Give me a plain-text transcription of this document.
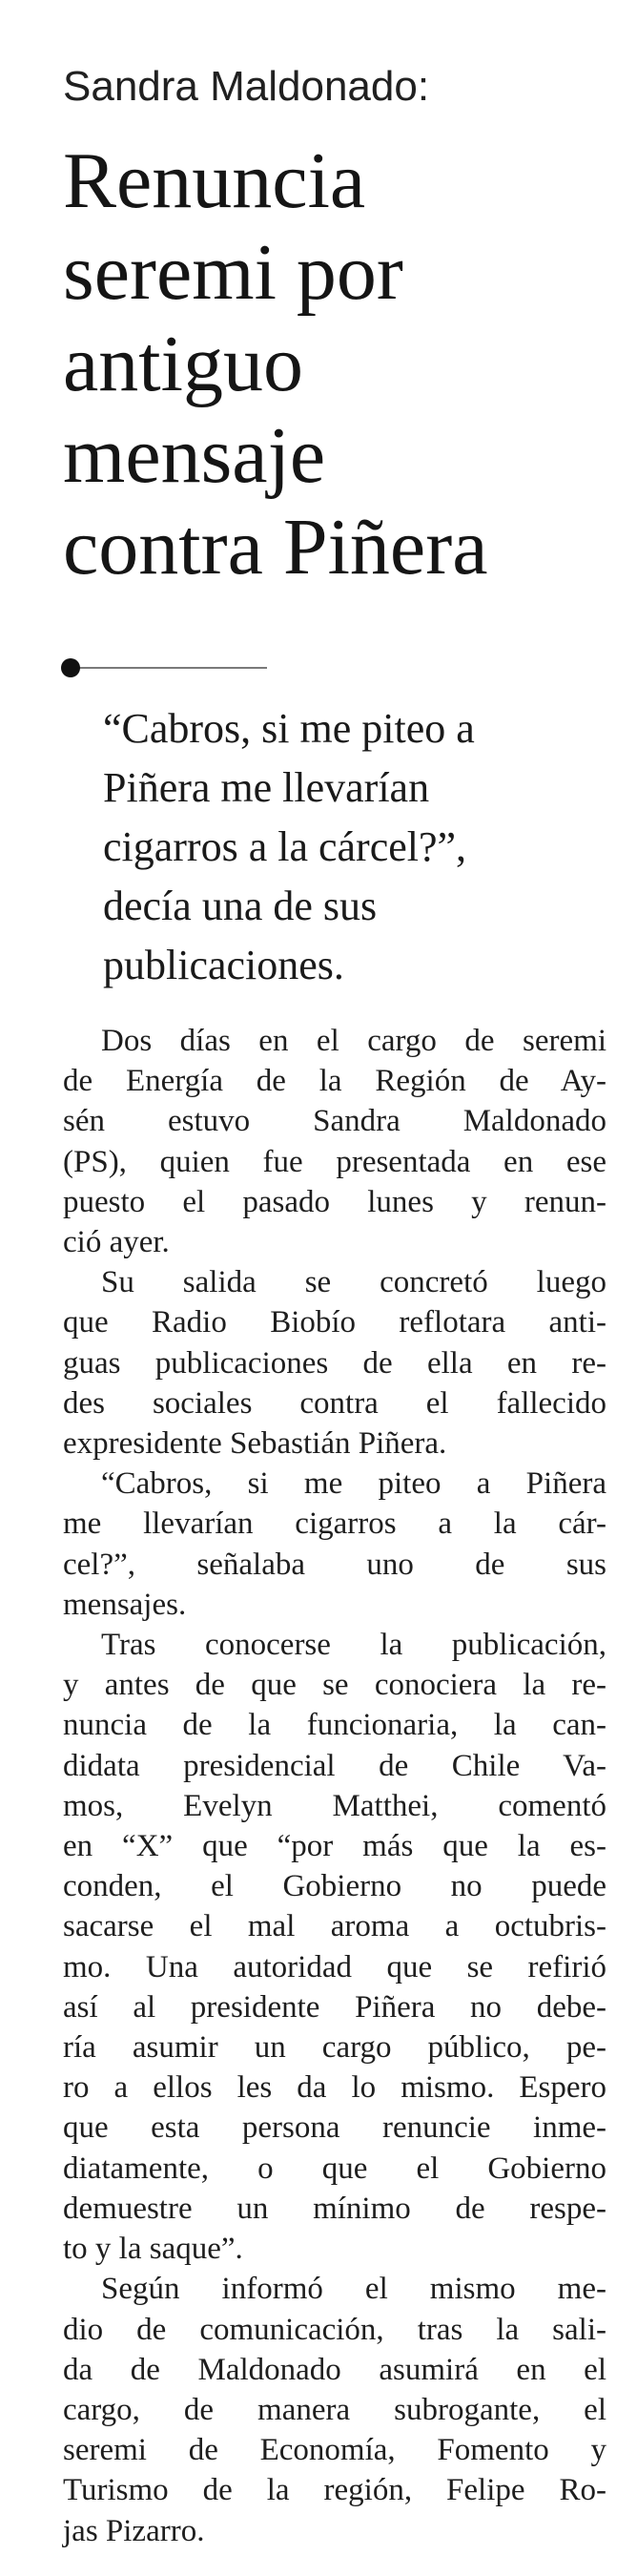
Sandra Maldonado:
Renuncia
seremi por
antiguo
mensaje
contra Piñera
“Cabros, si me piteo a
Piñera me llevarían
cigarros a la cárcel?”,
decía una de sus
publicaciones.
Dos días en el cargo de seremi
de Energía de la Región de Ay-
sén estuvo Sandra Maldonado
(PS), quien fue presentada en ese
puesto el pasado lunes y renun-
ció ayer.
Su salida se concretó luego
que Radio Biobío reflotara anti-
guas publicaciones de ella en re-
des sociales contra el fallecido
expresidente Sebastián Piñera.
“Cabros, si me piteo a Piñera
me llevarían cigarros a la cár-
cel?”, señalaba uno de sus
mensajes.
Tras conocerse la publicación,
y antes de que se conociera la re-
nuncia de la funcionaria, la can-
didata presidencial de Chile Va-
mos, Evelyn Matthei, comentó
en “X” que “por más que la es-
conden, el Gobierno no puede
sacarse el mal aroma a octubris-
mo. Una autoridad que se refirió
así al presidente Piñera no debe-
ría asumir un cargo público, pe-
ro a ellos les da lo mismo. Espero
que esta persona renuncie inme-
diatamente, o que el Gobierno
demuestre un mínimo de respe-
to y la saque”.
Según informó el mismo me-
dio de comunicación, tras la sali-
da de Maldonado asumirá en el
cargo, de manera subrogante, el
seremi de Economía, Fomento y
Turismo de la región, Felipe Ro-
jas Pizarro.
